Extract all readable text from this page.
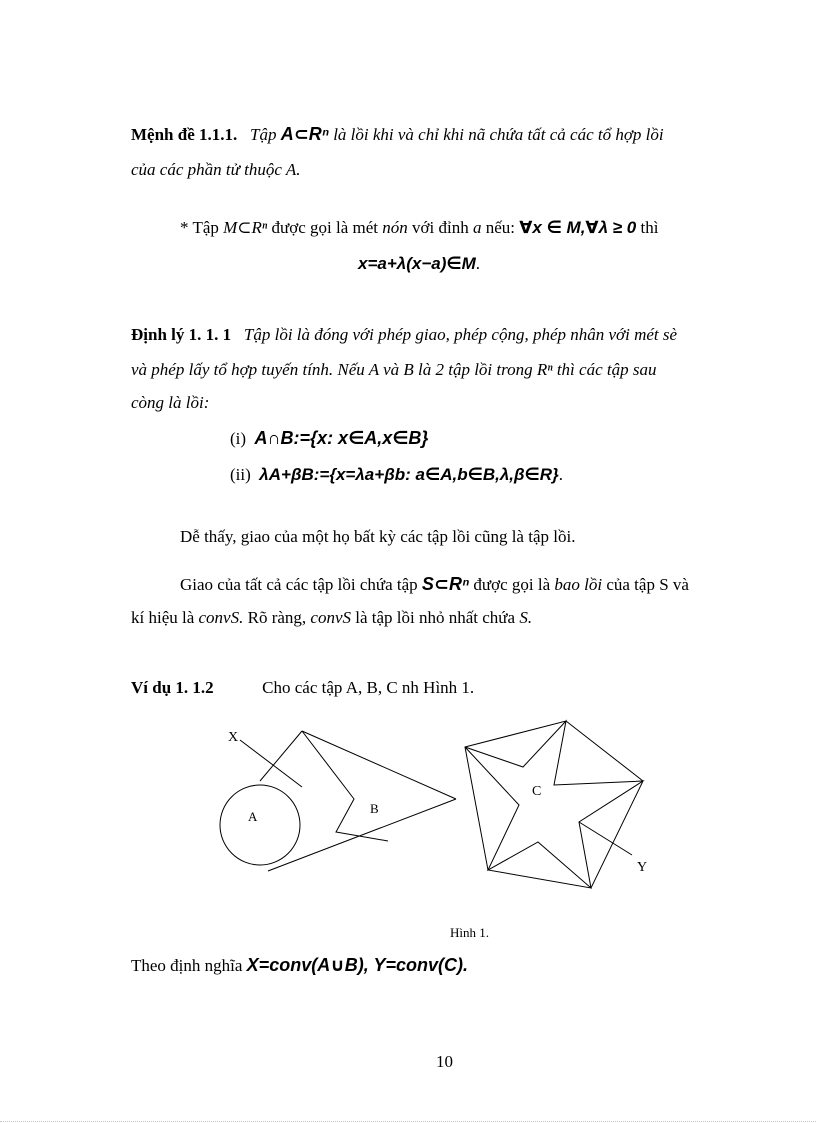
Mệnh đề 1.1.1. Tập A⊂Rⁿ là lồi khi và chỉ khi nã chứa tất cả các tổ hợp lồi
của các phần tử thuộc A.
* Tập M⊂Rⁿ được gọi là mét nón với đỉnh a nếu: ∀x ∈ M,∀λ ≥ 0 thì
x=a+λ(x−a)∈M.
Định lý 1. 1. 1 Tập lồi là đóng với phép giao, phép cộng, phép nhân với mét sè
và phép lấy tổ hợp tuyến tính. Nếu A và B là 2 tập lồi trong Rⁿ thì các tập sau
còng là lồi:
(i) A∩B:={x: x∈A,x∈B}
(ii) λA+βB:={x=λa+βb: a∈A,b∈B,λ,β∈R}.
Dễ thấy, giao của một họ bất kỳ các tập lồi cũng là tập lồi.
Giao của tất cả các tập lồi chứa tập S⊂Rⁿ được gọi là bao lồi của tập S và
kí hiệu là convS. Rõ ràng, convS là tập lồi nhỏ nhất chứa S.
Ví dụ 1. 1.2	Cho các tập A, B, C nh Hình 1.
X
A
B
C
Y
Hình 1.
Theo định nghĩa X=conv(A∪B), Y=conv(C).
10
